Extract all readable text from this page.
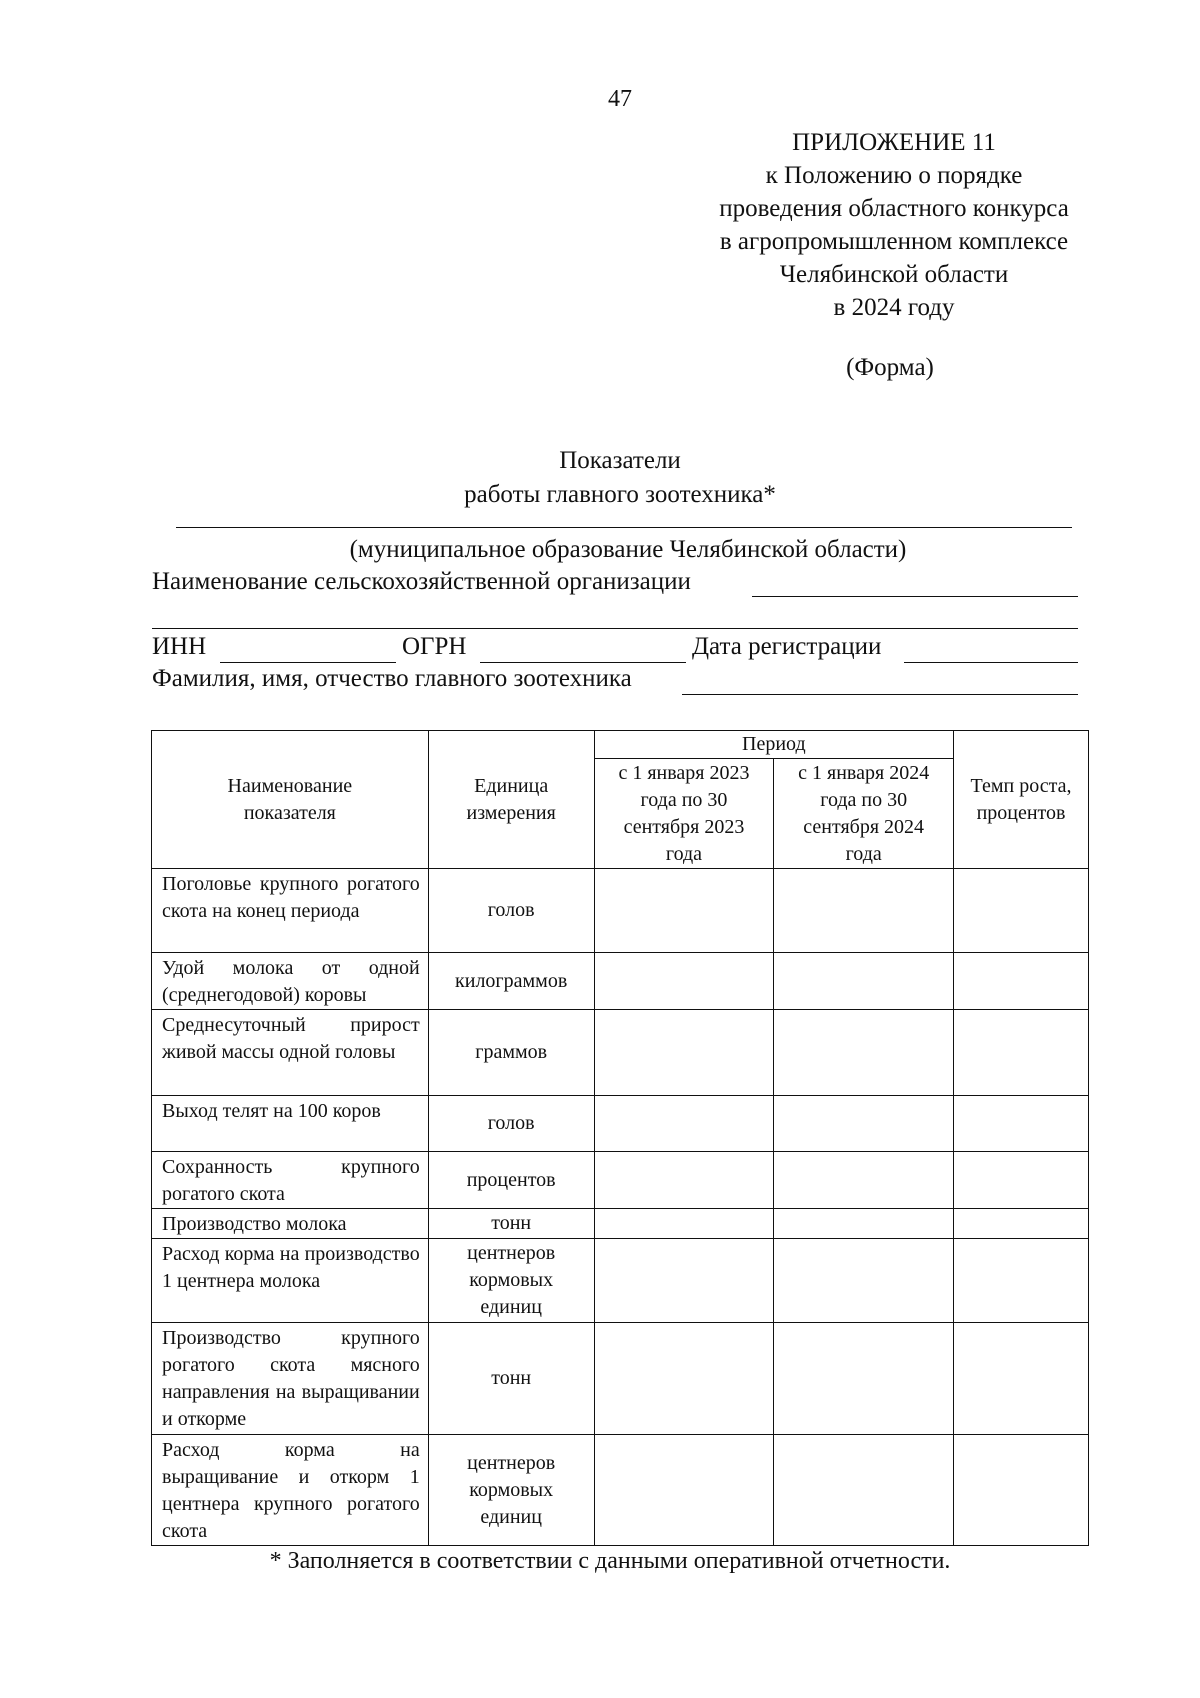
47
ПРИЛОЖЕНИЕ 11
к Положению о порядке
проведения областного конкурса
в агропромышленном комплексе
Челябинской области
в 2024 году
(Форма)
Показатели
работы главного зоотехника*
(муниципальное образование Челябинской области)
Наименование сельскохозяйственной организации
ИНН	ОГРН	Дата регистрации
Фамилия, имя, отчество главного зоотехника
Наименование показателя	Единица измерения	Период		Темп роста, процентов
		с 1 января 2023 года по 30 сентября 2023 года	с 1 января 2024 года по 30 сентября 2024 года	
Поголовье крупного рогатого скота на конец периода	голов			
Удой молока от одной (среднегодовой) коровы	килограммов			
Среднесуточный прирост живой массы одной головы	граммов			
Выход телят на 100 коров	голов			
Сохранность крупного рогатого скота	процентов			
Производство молока	тонн			
Расход корма на производство 1 центнера молока	центнеров кормовых единиц			
Производство крупного рогатого скота мясного направления на выращивании и откорме	тонн			
Расход корма на выращивание и откорм 1 центнера крупного рогатого скота	центнеров кормовых единиц			
* Заполняется в соответствии с данными оперативной отчетности.
